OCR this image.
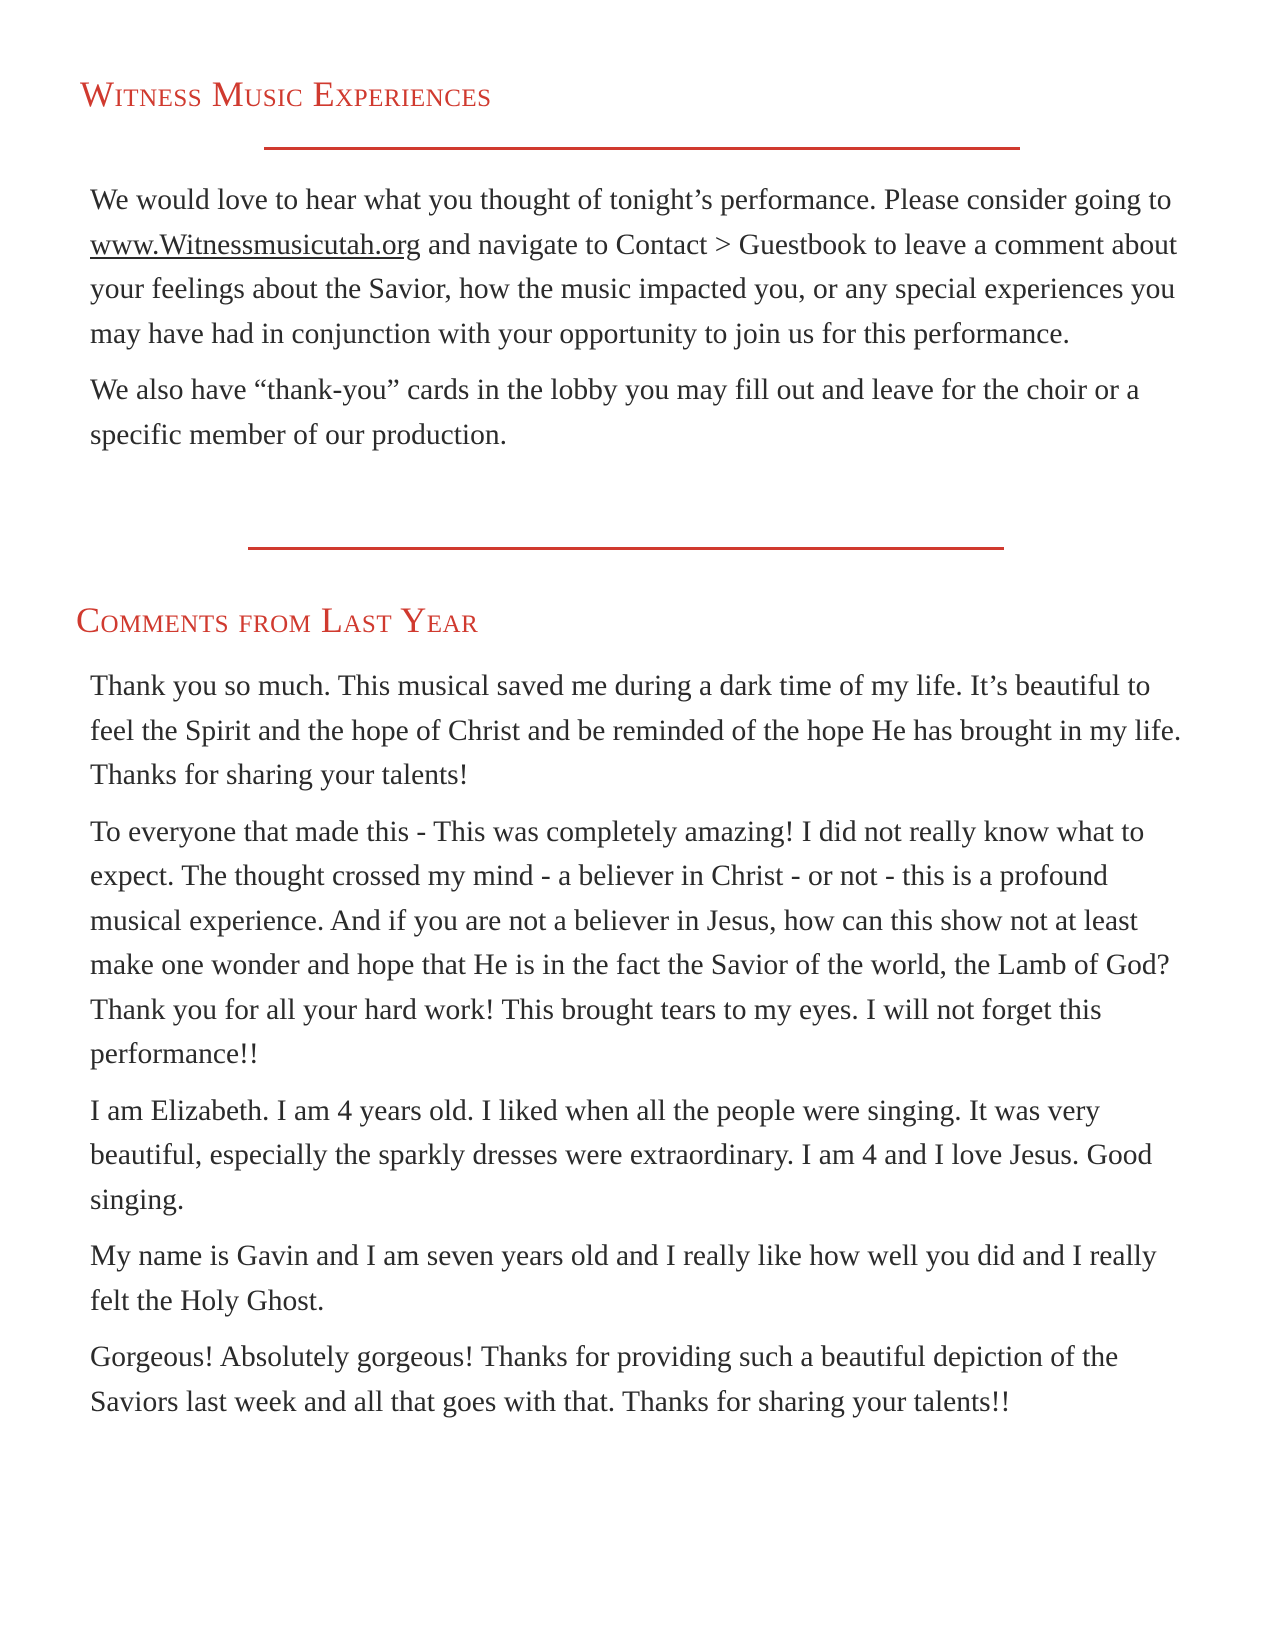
Witness Music Experiences

We would love to hear what you thought of tonight’s performance. Please consider going to www.Witnessmusicutah.org and navigate to Contact > Guestbook to leave a comment about your feelings about the Savior, how the music impacted you, or any special experiences you may have had in conjunction with your opportunity to join us for this performance.

We also have “thank-you” cards in the lobby you may fill out and leave for the choir or a specific member of our production.

Comments from Last Year

Thank you so much. This musical saved me during a dark time of my life. It’s beautiful to feel the Spirit and the hope of Christ and be reminded of the hope He has brought in my life. Thanks for sharing your talents!

To everyone that made this - This was completely amazing! I did not really know what to expect. The thought crossed my mind - a believer in Christ - or not - this is a profound musical experience. And if you are not a believer in Jesus, how can this show not at least make one wonder and hope that He is in the fact the Savior of the world, the Lamb of God? Thank you for all your hard work! This brought tears to my eyes. I will not forget this performance!!

I am Elizabeth. I am 4 years old. I liked when all the people were singing. It was very beautiful, especially the sparkly dresses were extraordinary. I am 4 and I love Jesus. Good singing.

My name is Gavin and I am seven years old and I really like how well you did and I really felt the Holy Ghost.

Gorgeous! Absolutely gorgeous! Thanks for providing such a beautiful depiction of the Saviors last week and all that goes with that. Thanks for sharing your talents!!
